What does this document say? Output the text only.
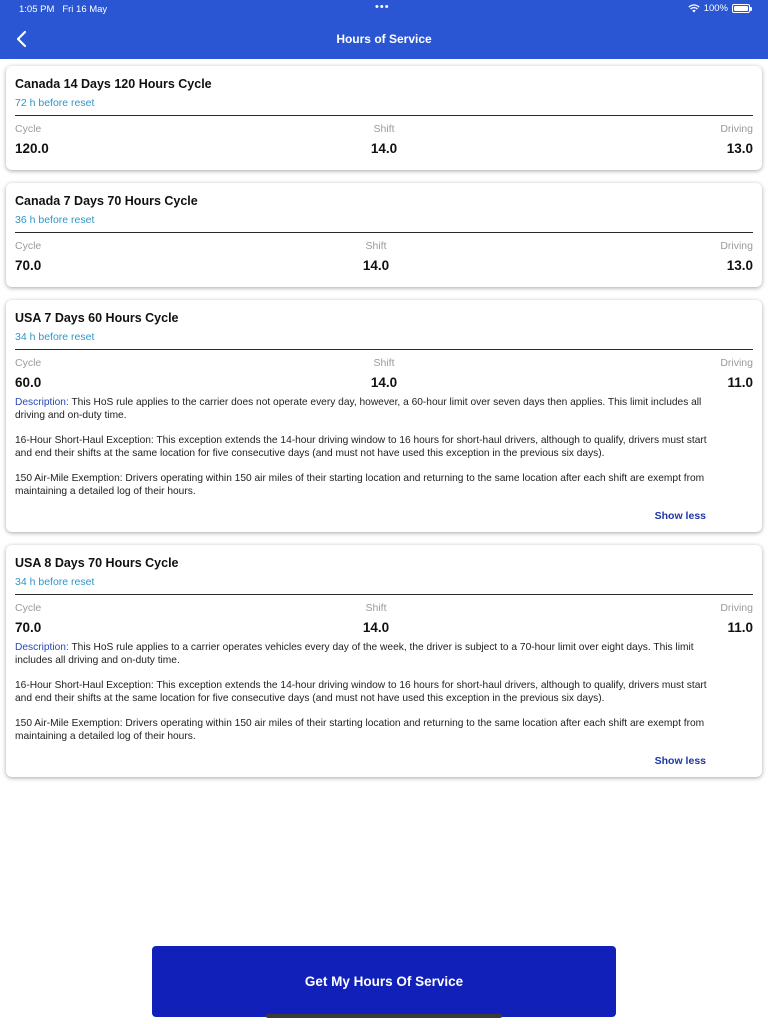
1:05 PM Fri 16 May	•••	100%
Hours of Service
Canada 14 Days 120 Hours Cycle
72 h before reset
Cycle	Shift	Driving
120.0	14.0	13.0
Canada 7 Days 70 Hours Cycle
36 h before reset
Cycle	Shift	Driving
70.0	14.0	13.0
USA 7 Days 60 Hours Cycle
34 h before reset
Cycle	Shift	Driving
60.0	14.0	11.0

Description: This HoS rule applies to the carrier does not operate every day, however, a 60-hour limit over seven days then applies. This limit includes all driving and on-duty time.

16-Hour Short-Haul Exception: This exception extends the 14-hour driving window to 16 hours for short-haul drivers, although to qualify, drivers must start and end their shifts at the same location for five consecutive days (and must not have used this exception in the previous six days).

150 Air-Mile Exemption: Drivers operating within 150 air miles of their starting location and returning to the same location after each shift are exempt from maintaining a detailed log of their hours.

Show less
USA 8 Days 70 Hours Cycle
34 h before reset
Cycle	Shift	Driving
70.0	14.0	11.0

Description: This HoS rule applies to a carrier operates vehicles every day of the week, the driver is subject to a 70-hour limit over eight days. This limit includes all driving and on-duty time.

16-Hour Short-Haul Exception: This exception extends the 14-hour driving window to 16 hours for short-haul drivers, although to qualify, drivers must start and end their shifts at the same location for five consecutive days (and must not have used this exception in the previous six days).

150 Air-Mile Exemption: Drivers operating within 150 air miles of their starting location and returning to the same location after each shift are exempt from maintaining a detailed log of their hours.

Show less
Get My Hours Of Service
